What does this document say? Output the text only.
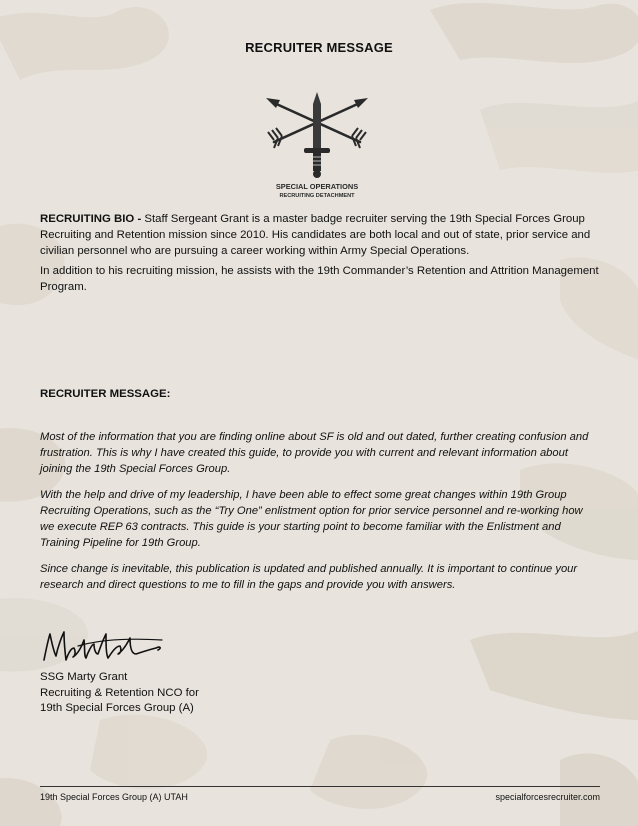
RECRUITER MESSAGE
SPECIAL OPERATIONS
RECRUITING DETACHMENT

RECRUITING BIO - Staff Sergeant Grant is a master badge recruiter serving the 19th Special Forces Group Recruiting and Retention mission since 2010. His candidates are both local and out of state, prior service and civilian personnel who are pursuing a career working within Army Special Operations.

In addition to his recruiting mission, he assists with the 19th Commander’s Retention and Attrition Management Program.

RECRUITER MESSAGE:

Most of the information that you are finding online about SF is old and out dated, further creating confusion and frustration. This is why I have created this guide, to provide you with current and relevant information about joining the 19th Special Forces Group.

With the help and drive of my leadership, I have been able to effect some great changes within 19th Group Recruiting Operations, such as the “Try One” enlistment option for prior service personnel and re-working how we execute REP 63 contracts. This guide is your starting point to become familiar with the Enlistment and Training Pipeline for 19th Group.

Since change is inevitable, this publication is updated and published annually. It is important to continue your research and direct questions to me to fill in the gaps and provide you with answers.

SSG Marty Grant
Recruiting & Retention NCO for
19th Special Forces Group (A)
19th Special Forces Group (A) UTAH	specialforcesrecruiter.com
